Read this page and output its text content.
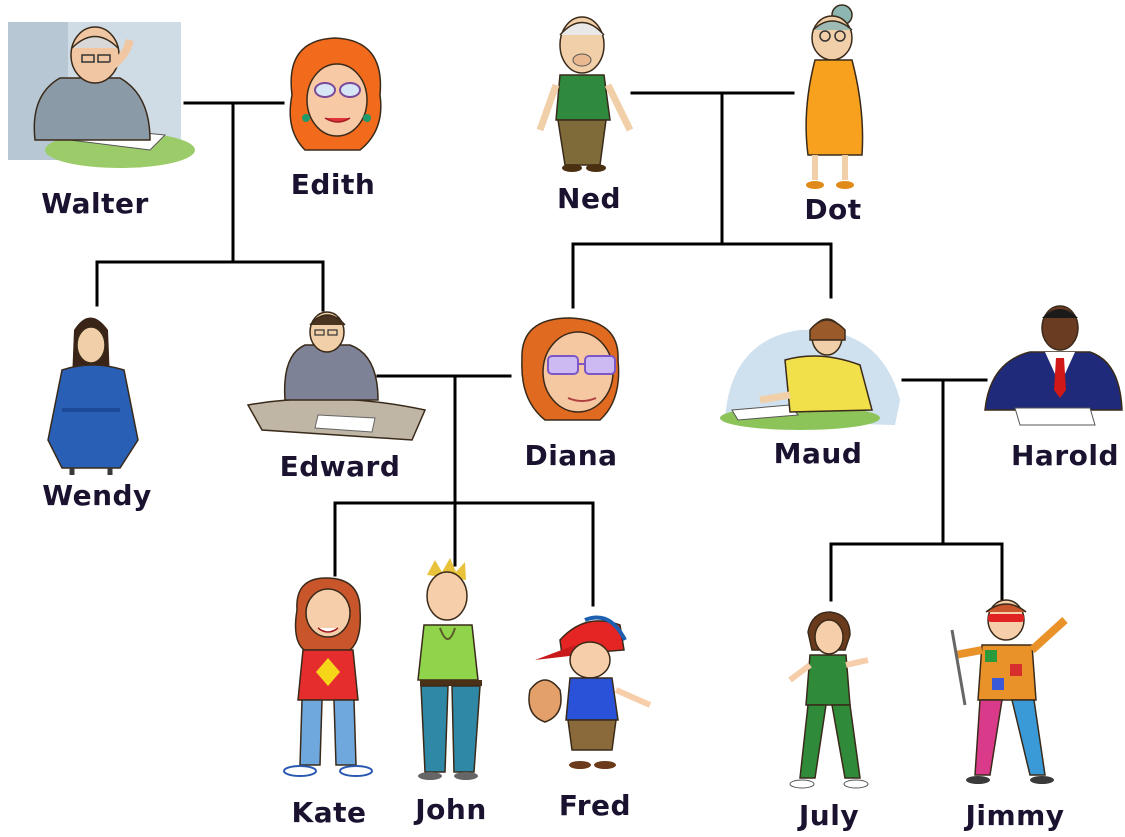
Walter
Edith	Ned	Dot
Wendy
Edward	Diana	Maud	Harold
Kate John	Fred	July	Jimmy
